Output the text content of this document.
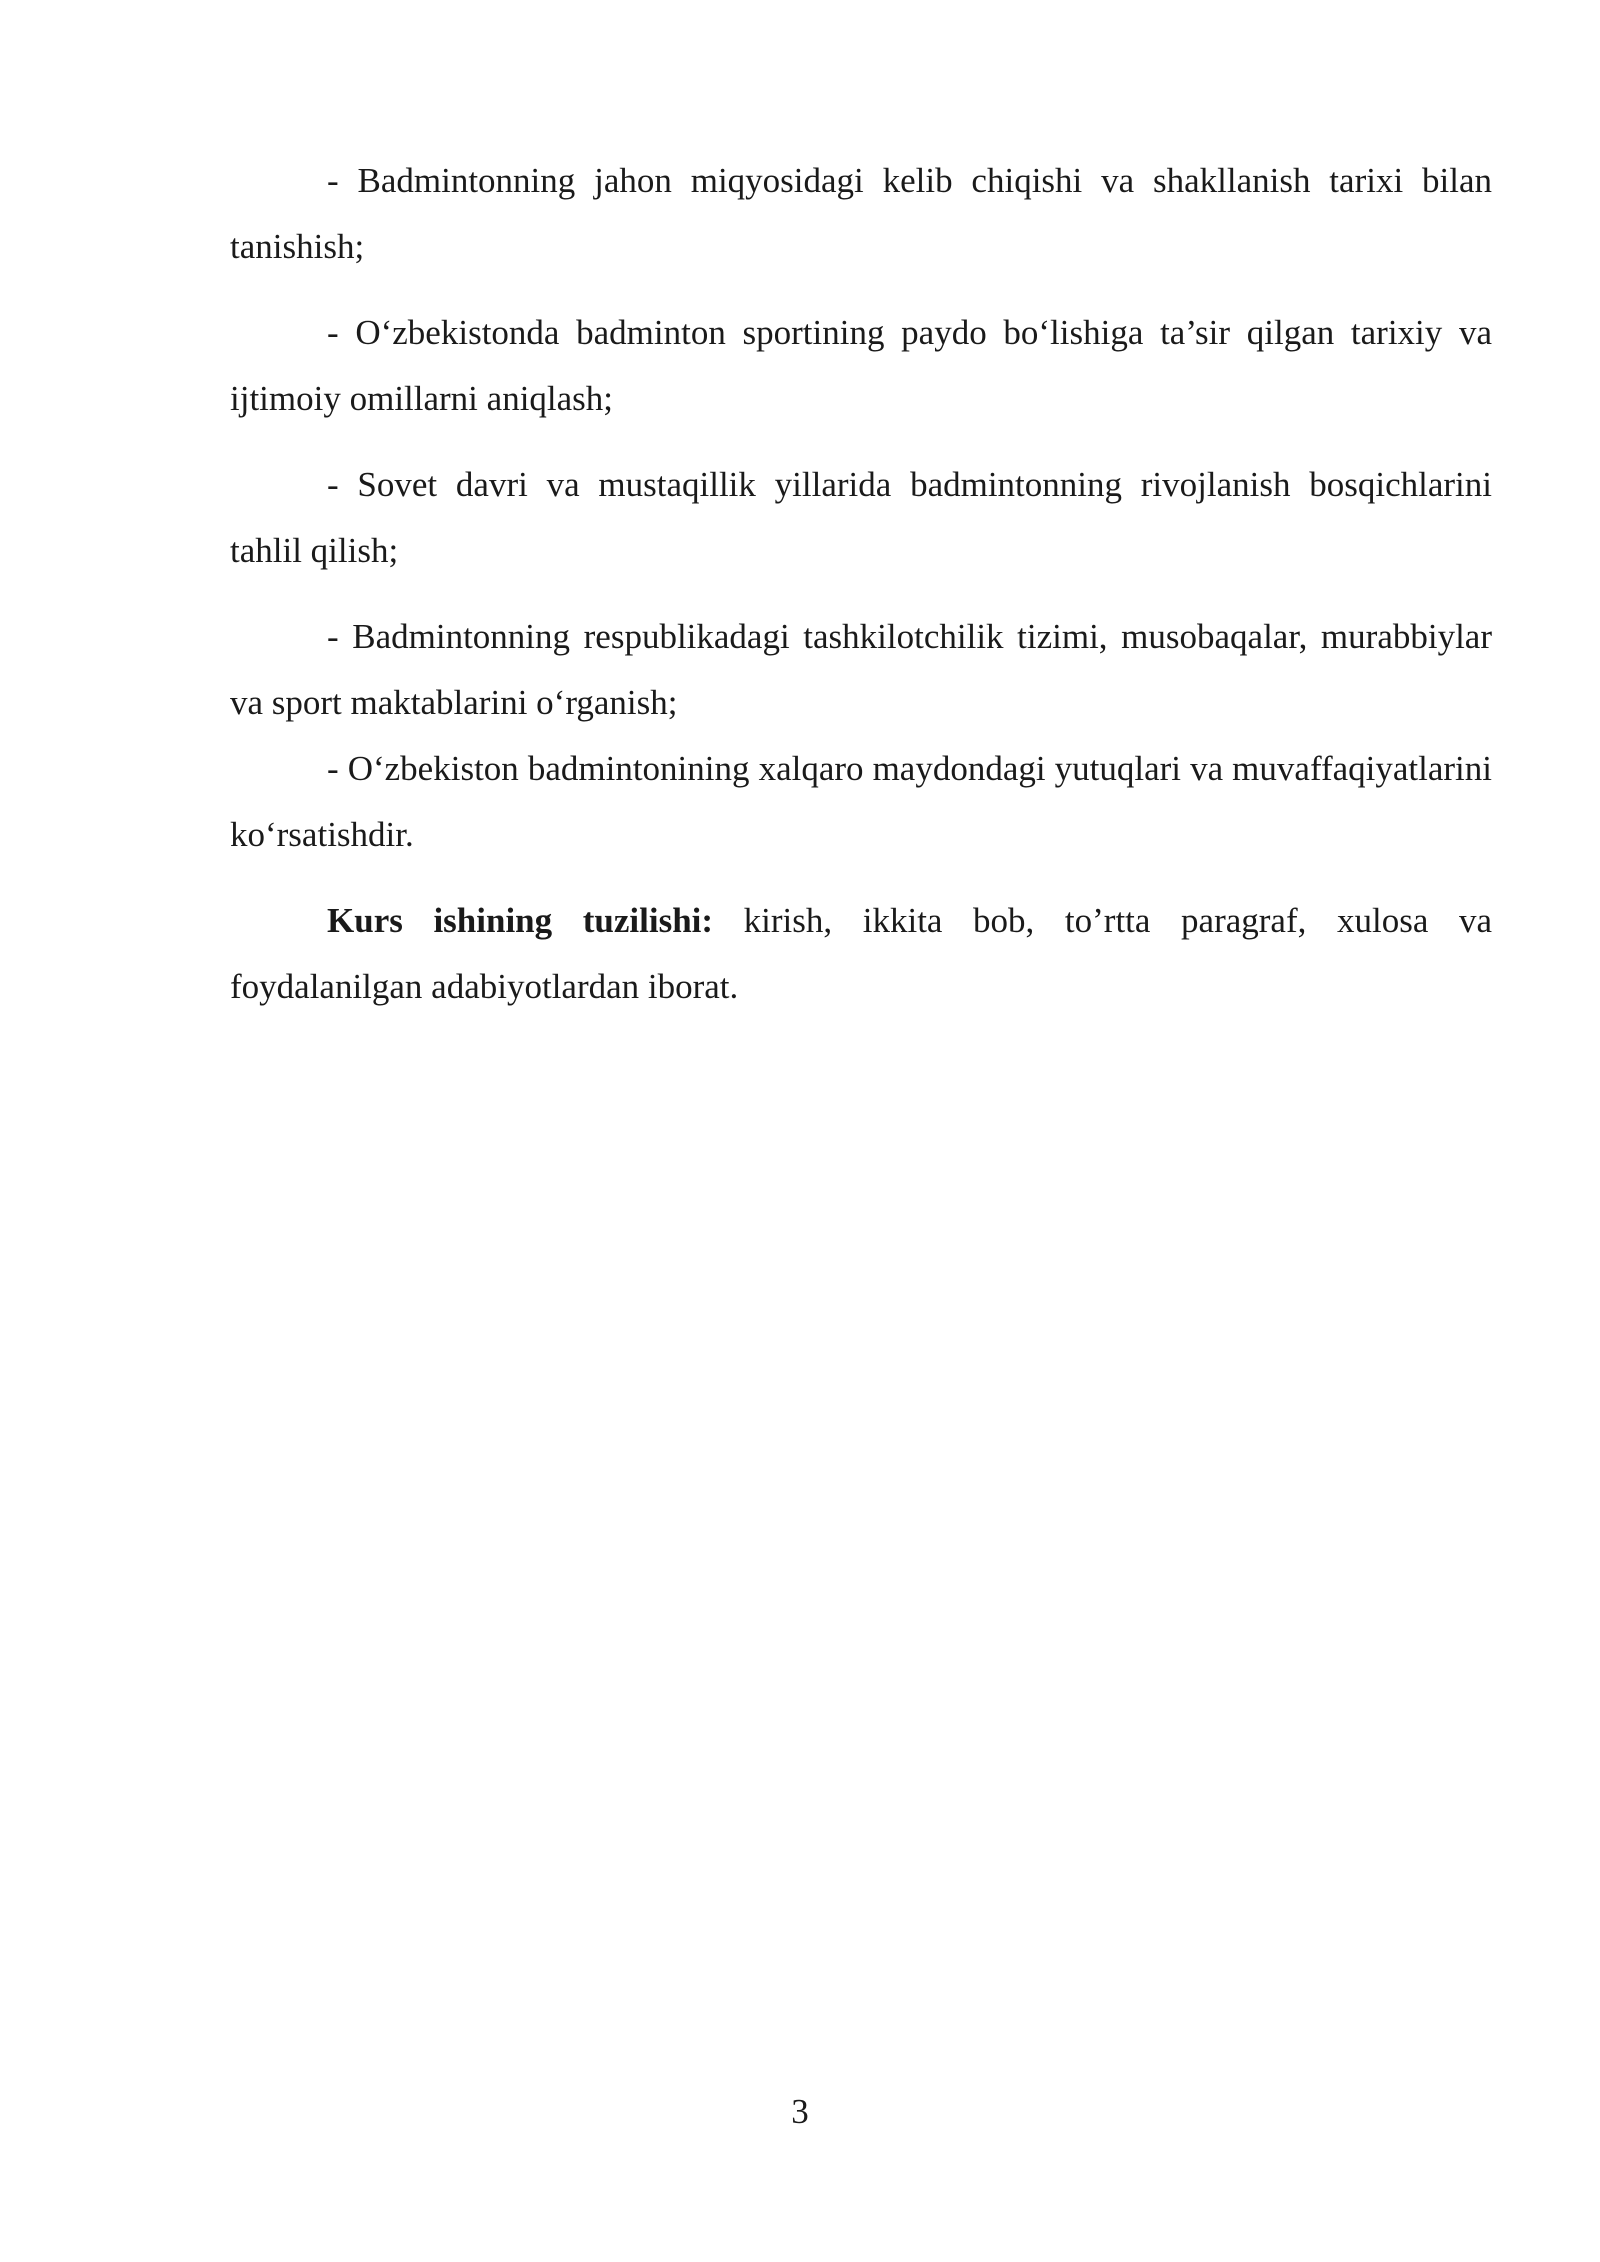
- Badmintonning jahon miqyosidagi kelib chiqishi va shakllanish tarixi bilan tanishish;

- O‘zbekistonda badminton sportining paydo bo‘lishiga ta’sir qilgan tarixiy va ijtimoiy omillarni aniqlash;

- Sovet davri va mustaqillik yillarida badmintonning rivojlanish bosqichlarini tahlil qilish;

- Badmintonning respublikadagi tashkilotchilik tizimi, musobaqalar, murabbiylar va sport maktablarini o‘rganish;

- O‘zbekiston badmintonining xalqaro maydondagi yutuqlari va muvaffaqiyatlarini ko‘rsatishdir.

Kurs ishining tuzilishi: kirish, ikkita bob, to’rtta paragraf, xulosa va foydalanilgan adabiyotlardan iborat.

3
